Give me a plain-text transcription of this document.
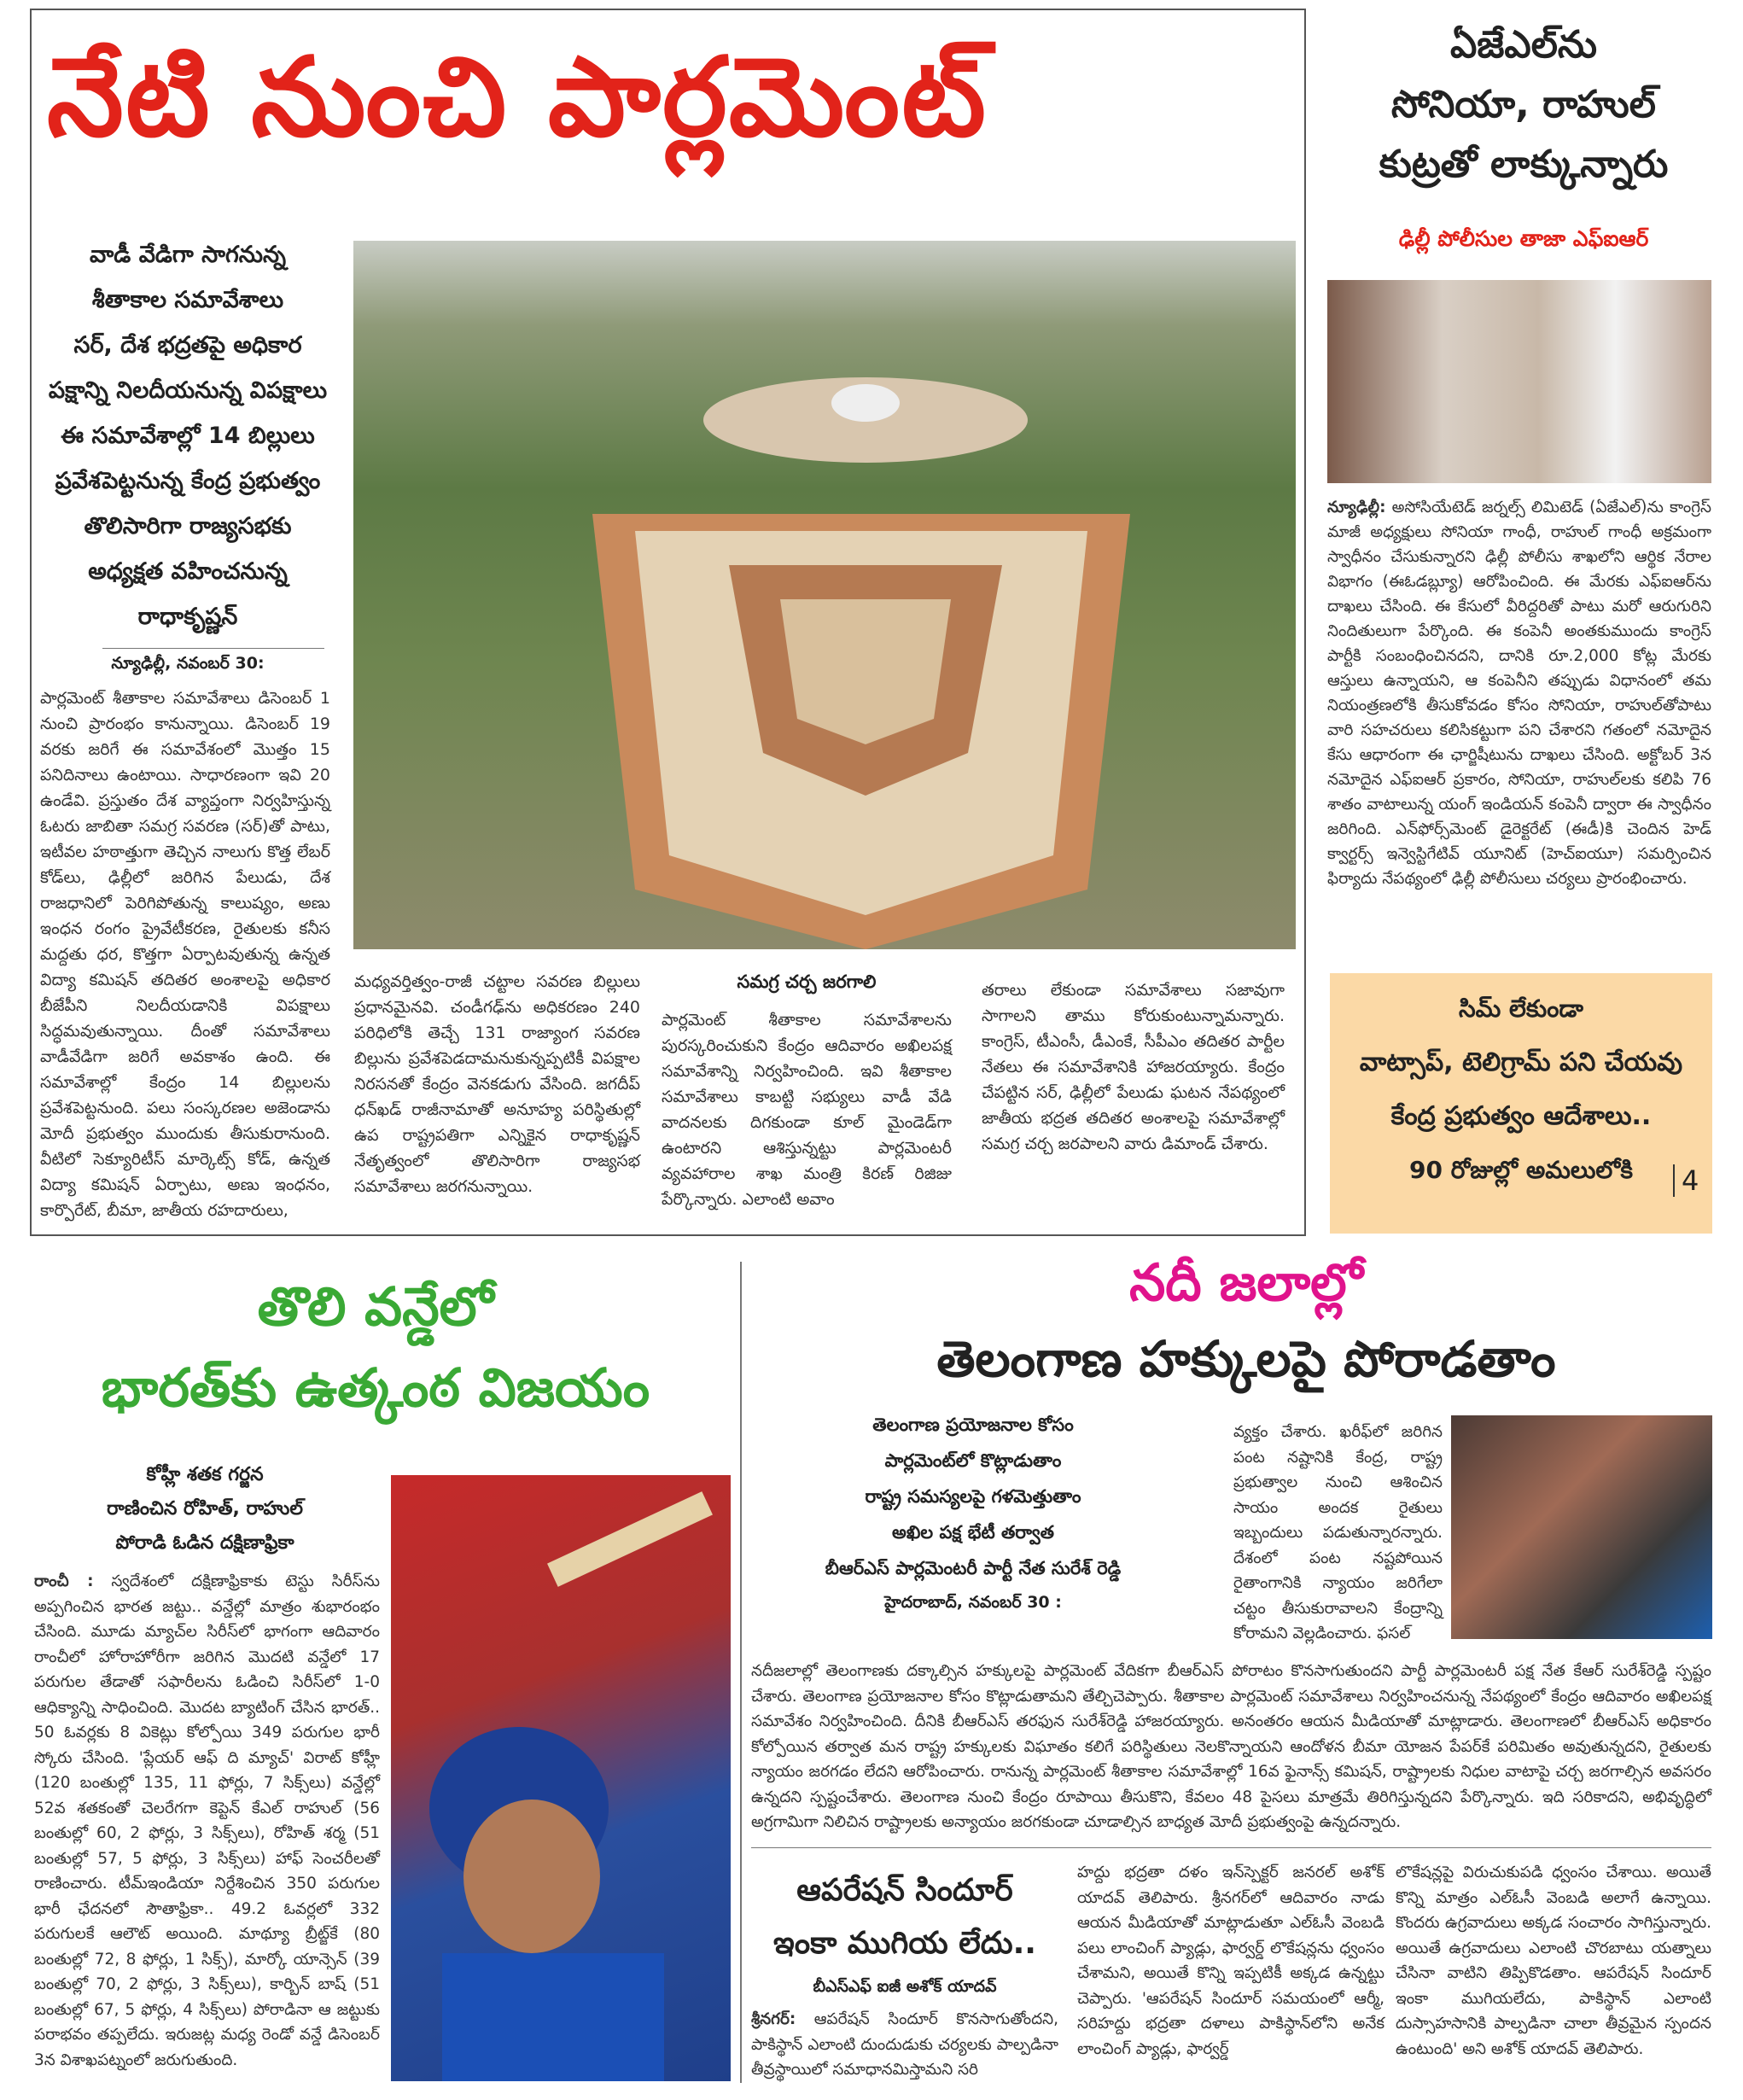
నేటి నుంచి పార్లమెంట్
వాడీ వేడిగా సాగనున్న
శీతాకాల సమావేశాలు
సర్, దేశ భద్రతపై అధికార
పక్షాన్ని నిలదీయనున్న విపక్షాలు
ఈ సమావేశాల్లో 14 బిల్లులు
ప్రవేశపెట్టనున్న కేంద్ర ప్రభుత్వం
తొలిసారిగా రాజ్యసభకు
అధ్యక్షత వహించనున్న
రాధాకృష్ణన్
న్యూఢిల్లీ, నవంబర్ 30:
పార్లమెంట్ శీతాకాల సమావేశాలు డిసెంబర్ 1 నుంచి ప్రారంభం కానున్నాయి. డిసెంబర్ 19 వరకు జరిగే ఈ సమావేశంలో మొత్తం 15 పనిదినాలు ఉంటాయి. సాధారణంగా ఇవి 20 ఉండేవి. ప్రస్తుతం దేశ వ్యాప్తంగా నిర్వహిస్తున్న ఓటరు జాబితా సమగ్ర సవరణ (సర్)తో పాటు, ఇటీవల హఠాత్తుగా తెచ్చిన నాలుగు కొత్త లేబర్ కోడ్‌లు, ఢిల్లీలో జరిగిన పేలుడు, దేశ రాజధానిలో పెరిగిపోతున్న కాలుష్యం, అణు ఇంధన రంగం ప్రైవేటీకరణ, రైతులకు కనీస మద్దతు ధర, కొత్తగా ఏర్పాటవుతున్న ఉన్నత విద్యా కమిషన్ తదితర అంశాలపై అధికార బీజేపీని నిలదీయడానికి విపక్షాలు సిద్ధమవుతున్నాయి. దీంతో సమావేశాలు వాడీవేడిగా జరిగే అవకాశం ఉంది. ఈ సమావేశాల్లో కేంద్రం 14 బిల్లులను ప్రవేశపెట్టనుంది. పలు సంస్కరణల అజెండాను మోదీ ప్రభుత్వం ముందుకు తీసుకురానుంది. వీటిలో సెక్యూరిటీస్ మార్కెట్స్ కోడ్, ఉన్నత విద్యా కమిషన్ ఏర్పాటు, అణు ఇంధనం, కార్పొరేట్, బీమా, జాతీయ రహదారులు,
మధ్యవర్తిత్వం-రాజీ చట్టాల సవరణ బిల్లులు ప్రధానమైనవి. చండీగఢ్‌ను అధికరణం 240 పరిధిలోకి తెచ్చే 131 రాజ్యాంగ సవరణ బిల్లును ప్రవేశపెడదామనుకున్నప్పటికీ విపక్షాల నిరసనతో కేంద్రం వెనకడుగు వేసింది. జగదీప్ ధన్‌ఖడ్ రాజీనామాతో అనూహ్య పరిస్థితుల్లో ఉప రాష్ట్రపతిగా ఎన్నికైన రాధాకృష్ణన్ నేతృత్వంలో తొలిసారిగా రాజ్యసభ సమావేశాలు జరగనున్నాయి.
సమగ్ర చర్చ జరగాలి
పార్లమెంట్ శీతాకాల సమావేశాలను పురస్కరించుకుని కేంద్రం ఆదివారం అఖిలపక్ష సమావేశాన్ని నిర్వహించింది. ఇవి శీతాకాల సమావేశాలు కాబట్టి సభ్యులు వాడీ వేడి వాదనలకు దిగకుండా కూల్ మైండెడ్‌గా ఉంటారని ఆశిస్తున్నట్టు పార్లమెంటరీ వ్యవహారాల శాఖ మంత్రి కిరణ్ రిజిజు పేర్కొన్నారు. ఎలాంటి అవాం
తరాలు లేకుండా సమావేశాలు సజావుగా సాగాలని తాము కోరుకుంటున్నామన్నారు. కాంగ్రెస్, టీఎంసీ, డీఎంకే, సీపీఎం తదితర పార్టీల నేతలు ఈ సమావేశానికి హాజరయ్యారు. కేంద్రం చేపట్టిన సర్, ఢిల్లీలో పేలుడు ఘటన నేపథ్యంలో జాతీయ భద్రత తదితర అంశాలపై సమావేశాల్లో సమగ్ర చర్చ జరపాలని వారు డిమాండ్ చేశారు.
ఏజేఎల్‌ను
సోనియా, రాహుల్
కుట్రతో లాక్కున్నారు
ఢిల్లీ పోలీసుల తాజా ఎఫ్ఐఆర్
న్యూఢిల్లీ: అసోసియేటెడ్ జర్నల్స్ లిమిటెడ్ (ఏజేఎల్)ను కాంగ్రెస్ మాజీ అధ్యక్షులు సోనియా గాంధీ, రాహుల్ గాంధీ అక్రమంగా స్వాధీనం చేసుకున్నారని ఢిల్లీ పోలీసు శాఖలోని ఆర్థిక నేరాల విభాగం (ఈఓడబ్ల్యూ) ఆరోపించింది. ఈ మేరకు ఎఫ్ఐఆర్‌ను దాఖలు చేసింది. ఈ కేసులో వీరిద్దరితో పాటు మరో ఆరుగురిని నిందితులుగా పేర్కొంది. ఈ కంపెనీ అంతకుముందు కాంగ్రెస్ పార్టీకి సంబంధించినదని, దానికి రూ.2,000 కోట్ల మేరకు ఆస్తులు ఉన్నాయని, ఆ కంపెనీని తప్పుడు విధానంలో తమ నియంత్రణలోకి తీసుకోవడం కోసం సోనియా, రాహుల్‌తోపాటు వారి సహచరులు కలిసికట్టుగా పని చేశారని గతంలో నమోదైన కేసు ఆధారంగా ఈ ఛార్జిషీటును దాఖలు చేసింది. అక్టోబర్ 3న నమోదైన ఎఫ్ఐఆర్ ప్రకారం, సోనియా, రాహుల్‌లకు కలిపి 76 శాతం వాటాలున్న యంగ్ ఇండియన్ కంపెనీ ద్వారా ఈ స్వాధీనం జరిగింది. ఎన్‌ఫోర్స్‌మెంట్ డైరెక్టరేట్ (ఈడీ)కి చెందిన హెడ్ క్వార్టర్స్ ఇన్వెస్టిగేటివ్ యూనిట్ (హెచ్ఐయూ) సమర్పించిన ఫిర్యాదు నేపథ్యంలో ఢిల్లీ పోలీసులు చర్యలు ప్రారంభించారు.
సిమ్ లేకుండా
వాట్సాప్, టెలిగ్రామ్ పని చేయవు
కేంద్ర ప్రభుత్వం ఆదేశాలు..
90 రోజుల్లో అమలులోకి	4
తొలి వన్డేలో
భారత్‌కు ఉత్కంఠ విజయం
కోహ్లీ శతక గర్జన
రాణించిన రోహిత్, రాహుల్
పోరాడి ఓడిన దక్షిణాఫ్రికా
రాంచీ : స్వదేశంలో దక్షిణాఫ్రికాకు టెస్టు సిరీస్‌ను అప్పగించిన భారత జట్టు.. వన్డేల్లో మాత్రం శుభారంభం చేసింది. మూడు మ్యాచ్‌ల సిరీస్‌లో భాగంగా ఆదివారం రాంచీలో హోరాహోరీగా జరిగిన మొదటి వన్డేలో 17 పరుగుల తేడాతో సఫారీలను ఓడించి సిరీస్‌లో 1-0 ఆధిక్యాన్ని సాధించింది. మొదట బ్యాటింగ్ చేసిన భారత్.. 50 ఓవర్లకు 8 వికెట్లు కోల్పోయి 349 పరుగుల భారీ స్కోరు చేసింది. 'ప్లేయర్ ఆఫ్ ది మ్యాచ్' విరాట్ కోహ్లీ (120 బంతుల్లో 135, 11 ఫోర్లు, 7 సిక్స్‌లు) వన్డేల్లో 52వ శతకంతో చెలరేగగా కెప్టెన్ కేఎల్ రాహుల్ (56 బంతుల్లో 60, 2 ఫోర్లు, 3 సిక్స్‌లు), రోహిత్ శర్మ (51 బంతుల్లో 57, 5 ఫోర్లు, 3 సిక్స్‌లు) హాఫ్ సెంచరీలతో రాణించారు. టీమ్‌ఇండియా నిర్దేశించిన 350 పరుగుల భారీ ఛేదనలో సౌతాఫ్రికా.. 49.2 ఓవర్లలో 332 పరుగులకే ఆలౌట్ అయింది. మాథ్యూ బ్రీట్జ్‌కే (80 బంతుల్లో 72, 8 ఫోర్లు, 1 సిక్స్), మార్కో యాన్సెన్ (39 బంతుల్లో 70, 2 ఫోర్లు, 3 సిక్స్‌లు), కార్బిన్ బాష్ (51 బంతుల్లో 67, 5 ఫోర్లు, 4 సిక్స్‌లు) పోరాడినా ఆ జట్టుకు పరాభవం తప్పలేదు. ఇరుజట్ల మధ్య రెండో వన్డే డిసెంబర్ 3న విశాఖపట్నంలో జరుగుతుంది.
నదీ జలాల్లో
తెలంగాణ హక్కులపై పోరాడతాం
తెలంగాణ ప్రయోజనాల కోసం
పార్లమెంట్‌లో కొట్లాడుతాం
రాష్ట్ర సమస్యలపై గళమెత్తుతాం
అఖిల పక్ష భేటీ తర్వాత
బీఆర్ఎస్ పార్లమెంటరీ పార్టీ నేత సురేశ్ రెడ్డి
హైదరాబాద్, నవంబర్ 30 :
వ్యక్తం చేశారు. ఖరీఫ్‌లో జరిగిన పంట నష్టానికి కేంద్ర, రాష్ట్ర ప్రభుత్వాల నుంచి ఆశించిన సాయం అందక రైతులు ఇబ్బందులు పడుతున్నారన్నారు. దేశంలో పంట నష్టపోయిన రైతాంగానికి న్యాయం జరిగేలా చట్టం తీసుకురావాలని కేంద్రాన్ని కోరామని వెల్లడించారు. ఫసల్
నదీజలాల్లో తెలంగాణకు దక్కాల్సిన హక్కులపై పార్లమెంట్ వేదికగా బీఆర్ఎస్ పోరాటం కొనసాగుతుందని పార్టీ పార్లమెంటరీ పక్ష నేత కేఆర్ సురేశ్‌రెడ్డి స్పష్టం చేశారు. తెలంగాణ ప్రయోజనాల కోసం కొట్లాడుతామని తేల్చిచెప్పారు. శీతాకాల పార్లమెంట్ సమావేశాలు నిర్వహించనున్న నేపథ్యంలో కేంద్రం ఆదివారం అఖిలపక్ష సమావేశం నిర్వహించింది. దీనికి బీఆర్ఎస్ తరఫున సురేశ్‌రెడ్డి హాజరయ్యారు. అనంతరం ఆయన మీడియాతో మాట్లాడారు. తెలంగాణలో బీఆర్ఎస్ అధికారం కోల్పోయిన తర్వాత మన రాష్ట్ర హక్కులకు విఘాతం కలిగే పరిస్థితులు నెలకొన్నాయని ఆందోళన బీమా యోజన పేపర్‌కే పరిమితం అవుతున్నదని, రైతులకు న్యాయం జరగడం లేదని ఆరోపించారు. రానున్న పార్లమెంట్ శీతాకాల సమావేశాల్లో 16వ ఫైనాన్స్ కమిషన్, రాష్ట్రాలకు నిధుల వాటాపై చర్చ జరగాల్సిన అవసరం ఉన్నదని స్పష్టంచేశారు. తెలంగాణ నుంచి కేంద్రం రూపాయి తీసుకొని, కేవలం 48 పైసలు మాత్రమే తిరిగిస్తున్నదని పేర్కొన్నారు. ఇది సరికాదని, అభివృద్ధిలో అగ్రగామిగా నిలిచిన రాష్ట్రాలకు అన్యాయం జరగకుండా చూడాల్సిన బాధ్యత మోదీ ప్రభుత్వంపై ఉన్నదన్నారు.
ఆపరేషన్ సిందూర్
ఇంకా ముగియ లేదు..
బీఎస్ఎఫ్ ఐజీ అశోక్ యాదవ్
శ్రీనగర్: ఆపరేషన్ సిందూర్ కొనసాగుతోందని, పాకిస్థాన్ ఎలాంటి దుందుడుకు చర్యలకు పాల్పడినా తీవ్రస్థాయిలో సమాధానమిస్తామని సరి
హద్దు భద్రతా దళం ఇన్‌స్పెక్టర్ జనరల్ అశోక్ యాదవ్ తెలిపారు. శ్రీనగర్‌లో ఆదివారం నాడు ఆయన మీడియాతో మాట్లాడుతూ ఎల్ఓసీ వెంబడి పలు లాంచింగ్ ప్యాడ్లు, ఫార్వర్డ్ లొకేషన్లను ధ్వంసం చేశామని, అయితే కొన్ని ఇప్పటికీ అక్కడ ఉన్నట్టు చెప్పారు. 'ఆపరేషన్ సిందూర్ సమయంలో ఆర్మీ, సరిహద్దు భద్రతా దళాలు పాకిస్థాన్‌లోని అనేక లాంచింగ్ ప్యాడ్లు, ఫార్వర్డ్
లొకేషన్లపై విరుచుకుపడి ధ్వంసం చేశాయి. అయితే కొన్ని మాత్రం ఎల్ఓసీ వెంబడి అలాగే ఉన్నాయి. కొందరు ఉగ్రవాదులు అక్కడ సంచారం సాగిస్తున్నారు. అయితే ఉగ్రవాదులు ఎలాంటి చొరబాటు యత్నాలు చేసినా వాటిని తిప్పికొడతాం. ఆపరేషన్ సిందూర్ ఇంకా ముగియలేదు, పాకిస్థాన్ ఎలాంటి దుస్సాహసానికి పాల్పడినా చాలా తీవ్రమైన స్పందన ఉంటుంది' అని అశోక్ యాదవ్ తెలిపారు.
